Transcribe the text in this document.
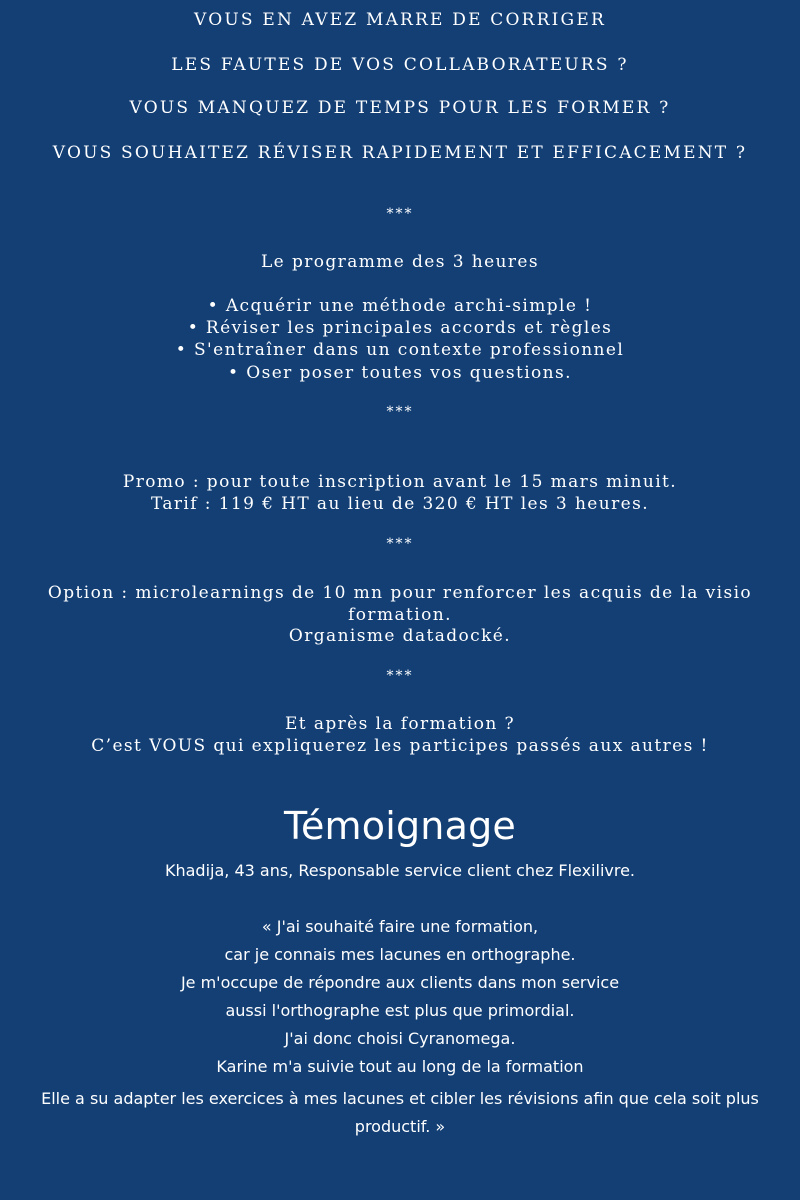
VOUS EN AVEZ MARRE DE CORRIGER
LES FAUTES DE VOS COLLABORATEURS ?
VOUS MANQUEZ DE TEMPS POUR LES FORMER ?
VOUS SOUHAITEZ RÉVISER RAPIDEMENT ET EFFICACEMENT ?
***
Le programme des 3 heures
• Acquérir une méthode archi-simple !
• Réviser les principales accords et règles
• S'entraîner dans un contexte professionnel
• Oser poser toutes vos questions.
***
Promo : pour toute inscription avant le 15 mars minuit.
Tarif : 119 € HT au lieu de 320 € HT les 3 heures.
***
Option : microlearnings de 10 mn pour renforcer les acquis de la visio formation.
Organisme datadocké.
***
Et après la formation ?
C’est VOUS qui expliquerez les participes passés aux autres !
Témoignage
Khadija, 43 ans, Responsable service client chez Flexilivre.
« J'ai souhaité faire une formation,
car je connais mes lacunes en orthographe.
Je m'occupe de répondre aux clients dans mon service
aussi l'orthographe est plus que primordial.
J'ai donc choisi Cyranomega.
Karine m'a suivie tout au long de la formation
Elle a su adapter les exercices à mes lacunes et cibler les révisions afin que cela soit plus productif. »
